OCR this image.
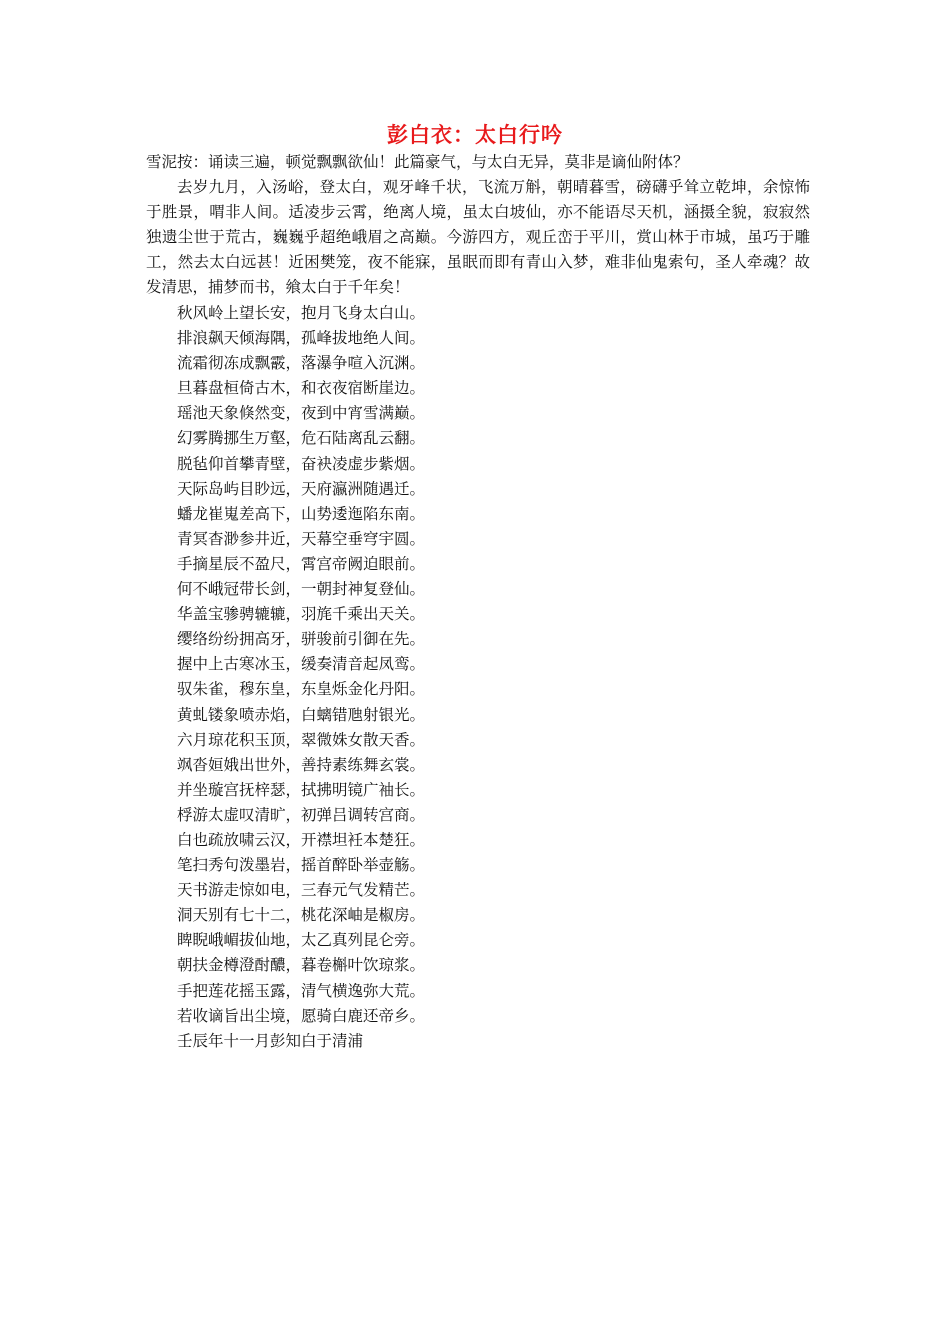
彭白衣：太白行吟
雪泥按：诵读三遍，顿觉飘飘欲仙！此篇豪气，与太白无异，莫非是谪仙附体？

去岁九月，入汤峪，登太白，观牙峰千状，飞流万斛，朝晴暮雪，磅礴乎耸立乾坤，余惊怖于胜景，喟非人间。适凌步云霄，绝离人境，虽太白坡仙，亦不能语尽天机，涵摄全貌，寂寂然独遗尘世于荒古，巍巍乎超绝峨眉之高巅。今游四方，观丘峦于平川，赏山林于市城，虽巧于雕工，然去太白远甚！近困樊笼，夜不能寐，虽眠而即有青山入梦，难非仙鬼索句，圣人牵魂？故发清思，捕梦而书，飨太白于千年矣！

秋风岭上望长安，抱月飞身太白山。
排浪飙天倾海隅，孤峰拔地绝人间。
流霜彻冻成飘霰，落瀑争喧入沉渊。
旦暮盘桓倚古木，和衣夜宿断崖边。
瑶池天象倏然变，夜到中宵雪满巅。
幻雾腾挪生万壑，危石陆离乱云翻。
脱毡仰首攀青壁，奋袂凌虚步紫烟。
天际岛屿目眇远，天府瀛洲随遇迁。
蟠龙崔嵬差高下，山势逶迤陷东南。
青冥杳渺参井近，天幕空垂穹宇圆。
手摘星辰不盈尺，霄宫帝阙迫眼前。
何不峨冠带长剑，一朝封神复登仙。
华盖宝骖骋辘辘，羽旄千乘出天关。
缨络纷纷拥高牙，骈骏前引御在先。
握中上古寒冰玉，缓奏清音起凤鸾。
驭朱雀，穆东皇，东皇烁金化丹阳。
黄虬镂象喷赤焰，白螭错虺射银光。
六月琼花积玉顶，翠微姝女散天香。
飒沓姮娥出世外，善持素练舞玄裳。
并坐璇宫抚梓瑟，拭拂明镜广袖长。
桴游太虚叹清旷，初弹吕调转宫商。
白也疏放啸云汉，开襟坦衽本楚狂。
笔扫秀句泼墨岩，摇首醉卧举壶觞。
天书游走惊如电，三春元气发精芒。
洞天别有七十二，桃花深岫是椒房。
睥睨峨嵋拔仙地，太乙真列昆仑旁。
朝扶金樽澄酎醲，暮卷槲叶饮琼浆。
手把莲花摇玉露，清气横逸弥大荒。
若收谪旨出尘境，愿骑白鹿还帝乡。
壬辰年十一月彭知白于清浦
